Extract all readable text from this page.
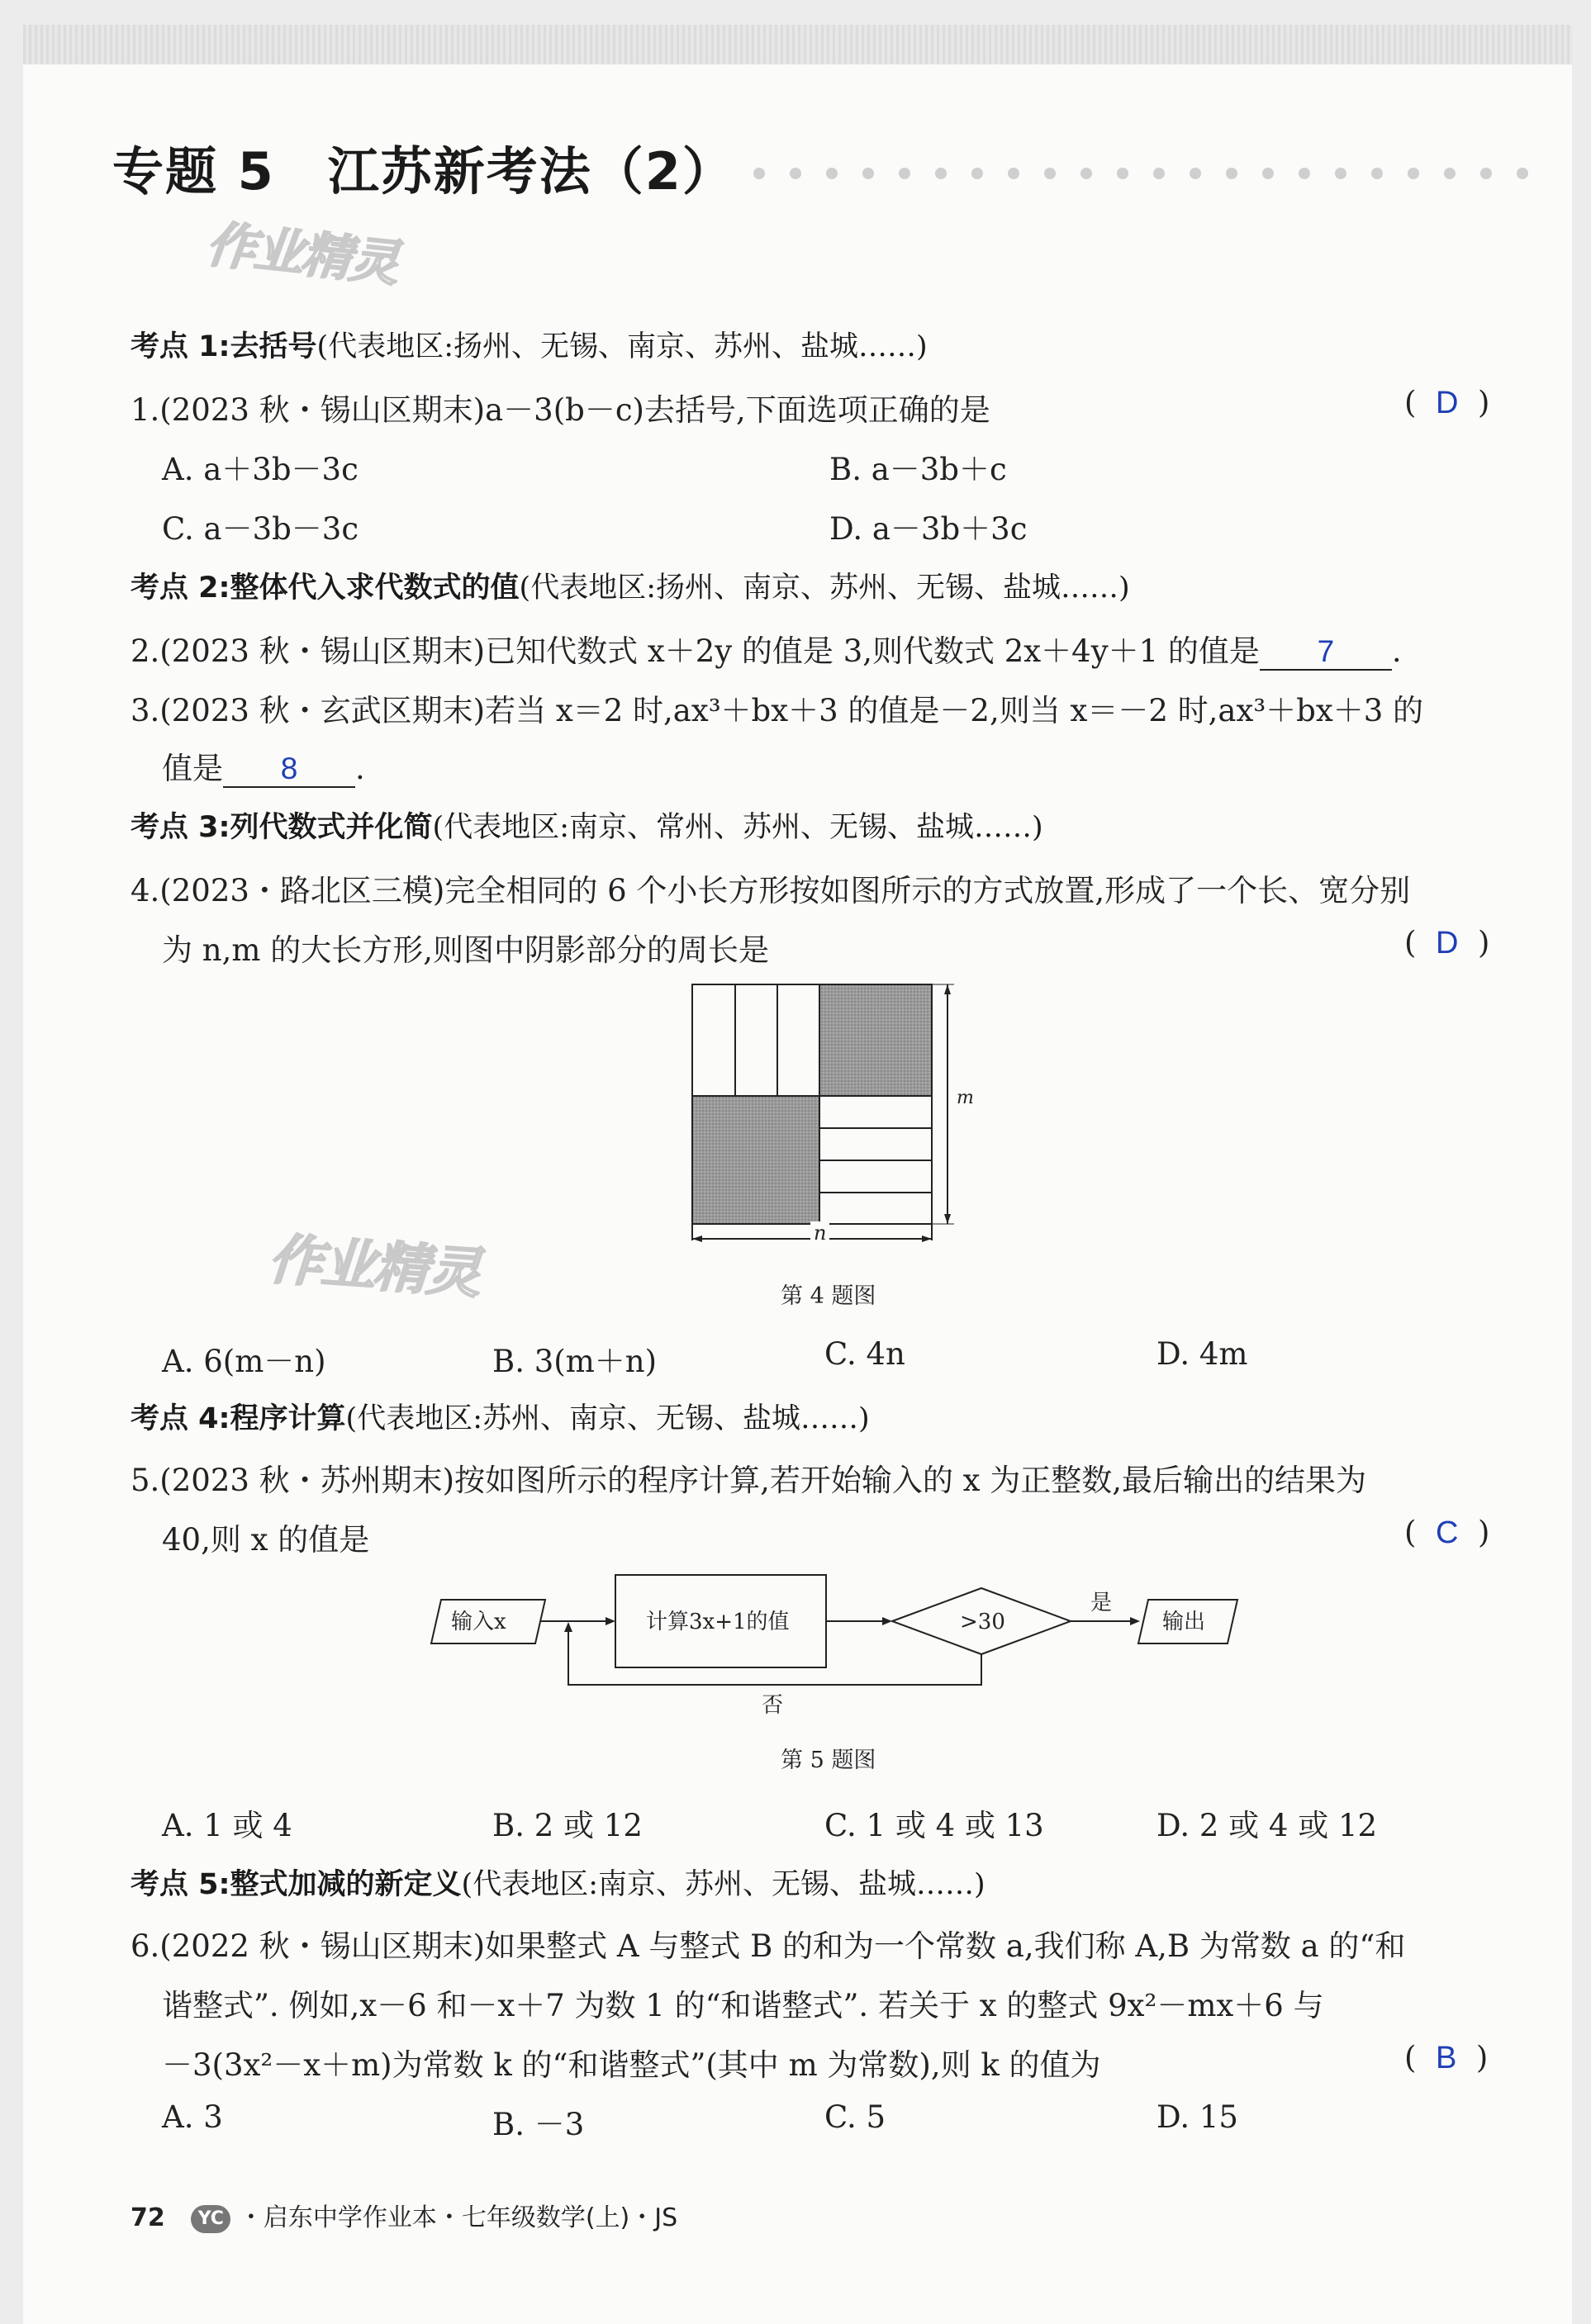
专题 5　江苏新考法（2）
作业精灵
作业精灵
考点 1:去括号(代表地区:扬州、无锡、南京、苏州、盐城……)
1.(2023 秋・锡山区期末)a－3(b－c)去括号,下面选项正确的是	(  D  )
A. a＋3b－3c	B. a－3b＋c
C. a－3b－3c	D. a－3b＋3c
考点 2:整体代入求代数式的值(代表地区:扬州、南京、苏州、无锡、盐城……)
2.(2023 秋・锡山区期末)已知代数式 x＋2y 的值是 3,则代数式 2x＋4y＋1 的值是 7 .
3.(2023 秋・玄武区期末)若当 x＝2 时,ax³＋bx＋3 的值是－2,则当 x＝－2 时,ax³＋bx＋3 的
值是 8 .
考点 3:列代数式并化简(代表地区:南京、常州、苏州、无锡、盐城……)
4.(2023・路北区三模)完全相同的 6 个小长方形按如图所示的方式放置,形成了一个长、宽分别
为 n,m 的大长方形,则图中阴影部分的周长是	(  D  )
m
n
第 4 题图
A. 6(m－n)	B. 3(m＋n)	C. 4n	D. 4m
考点 4:程序计算(代表地区:苏州、南京、无锡、盐城……)
5.(2023 秋・苏州期末)按如图所示的程序计算,若开始输入的 x 为正整数,最后输出的结果为
40,则 x 的值是	(  C  )
输入x	计算3x+1的值	>30
是
输出
否
第 5 题图
A. 1 或 4	B. 2 或 12	C. 1 或 4 或 13	D. 2 或 4 或 12
考点 5:整式加减的新定义(代表地区:南京、苏州、无锡、盐城……)
6.(2022 秋・锡山区期末)如果整式 A 与整式 B 的和为一个常数 a,我们称 A,B 为常数 a 的“和
谐整式”. 例如,x－6 和－x＋7 为数 1 的“和谐整式”. 若关于 x 的整式 9x²－mx＋6 与
－3(3x²－x＋m)为常数 k 的“和谐整式”(其中 m 为常数),则 k 的值为	(  B  )
A. 3	B. －3	C. 5	D. 15
72 YC ・启东中学作业本・七年级数学(上)・JS
